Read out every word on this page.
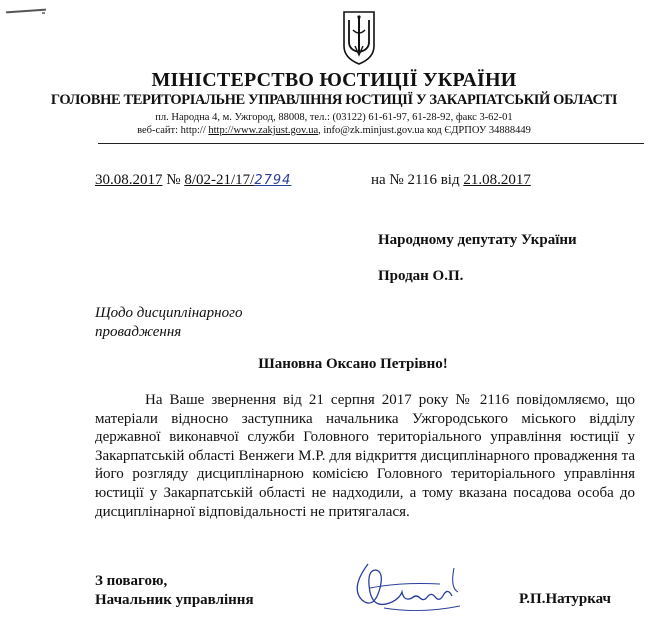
МІНІСТЕРСТВО ЮСТИЦІЇ УКРАЇНИ
ГОЛОВНЕ ТЕРИТОРІАЛЬНЕ УПРАВЛІННЯ ЮСТИЦІЇ У ЗАКАРПАТСЬКІЙ ОБЛАСТІ
пл. Народна 4, м. Ужгород, 88008, тел.: (03122) 61-61-97, 61-28-92, факс 3-62-01
веб-сайт: http:// http://www.zakjust.gov.ua, info@zk.minjust.gov.ua код ЄДРПОУ 34888449
30.08.2017 № 8/02-21/17/2794	на № 2116 від 21.08.2017
Народному депутату України
Продан О.П.
Щодо дисциплінарного
провадження
Шановна Оксано Петрівно!

На Ваше звернення від 21 серпня 2017 року № 2116 повідомляємо, що матеріали відносно заступника начальника Ужгородського міського відділу державної виконавчої служби Головного територіального управління юстиції у Закарпатській області Венжеги М.Р. для відкриття дисциплінарного провадження та його розгляду дисциплінарною комісією Головного територіального управління юстиції у Закарпатській області не надходили, а тому вказана посадова особа до дисциплінарної відповідальності не притягалася.

З повагою,
Начальник управління	Р.П.Натуркач
